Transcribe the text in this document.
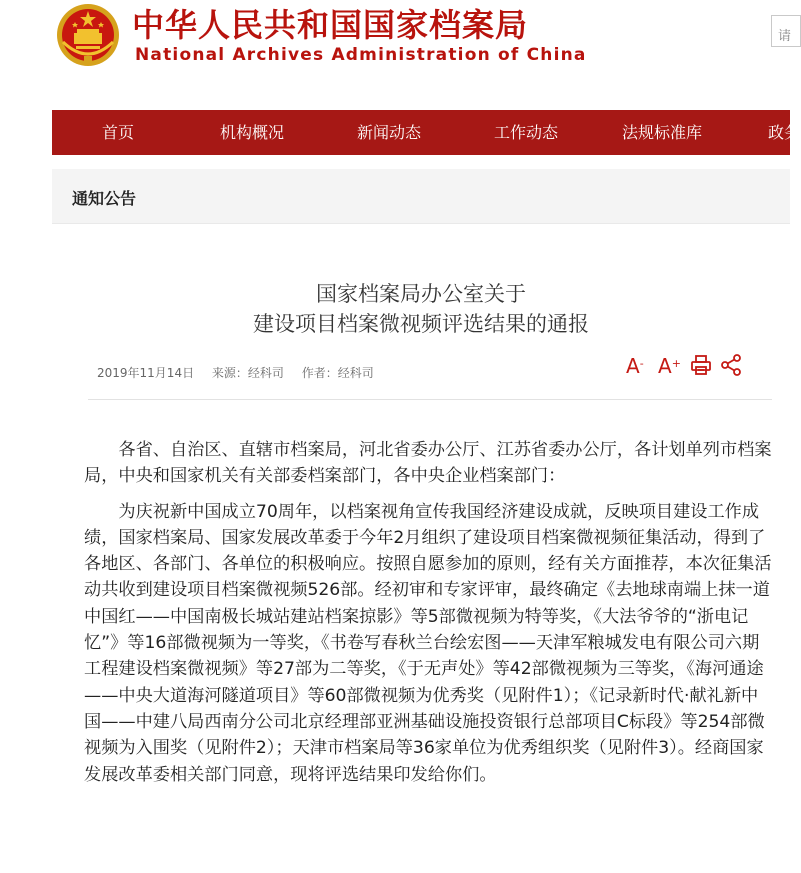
中华人民共和国国家档案局
National Archives Administration of China
请
首页	机构概况	新闻动态	工作动态	法规标准库	政务
通知公告
国家档案局办公室关于
建设项目档案微视频评选结果的通报
2019年11月14日 来源：经科司 作者：经科司	A- A+

各省、自治区、直辖市档案局，河北省委办公厅、江苏省委办公厅，各计划单列市档案局，中央和国家机关有关部委档案部门，各中央企业档案部门：

为庆祝新中国成立70周年，以档案视角宣传我国经济建设成就，反映项目建设工作成绩，国家档案局、国家发展改革委于今年2月组织了建设项目档案微视频征集活动，得到了各地区、各部门、各单位的积极响应。按照自愿参加的原则，经有关方面推荐，本次征集活动共收到建设项目档案微视频526部。经初审和专家评审，最终确定《去地球南端上抹一道中国红——中国南极长城站建站档案掠影》等5部微视频为特等奖，《大法爷爷的“浙电记忆”》等16部微视频为一等奖，《书卷写春秋兰台绘宏图——天津军粮城发电有限公司六期工程建设档案微视频》等27部为二等奖，《于无声处》等42部微视频为三等奖，《海河通途——中央大道海河隧道项目》等60部微视频为优秀奖（见附件1）；《记录新时代·献礼新中国——中建八局西南分公司北京经理部亚洲基础设施投资银行总部项目C标段》等254部微视频为入围奖（见附件2）；天津市档案局等36家单位为优秀组织奖（见附件3）。经商国家发展改革委相关部门同意，现将评选结果印发给你们。
